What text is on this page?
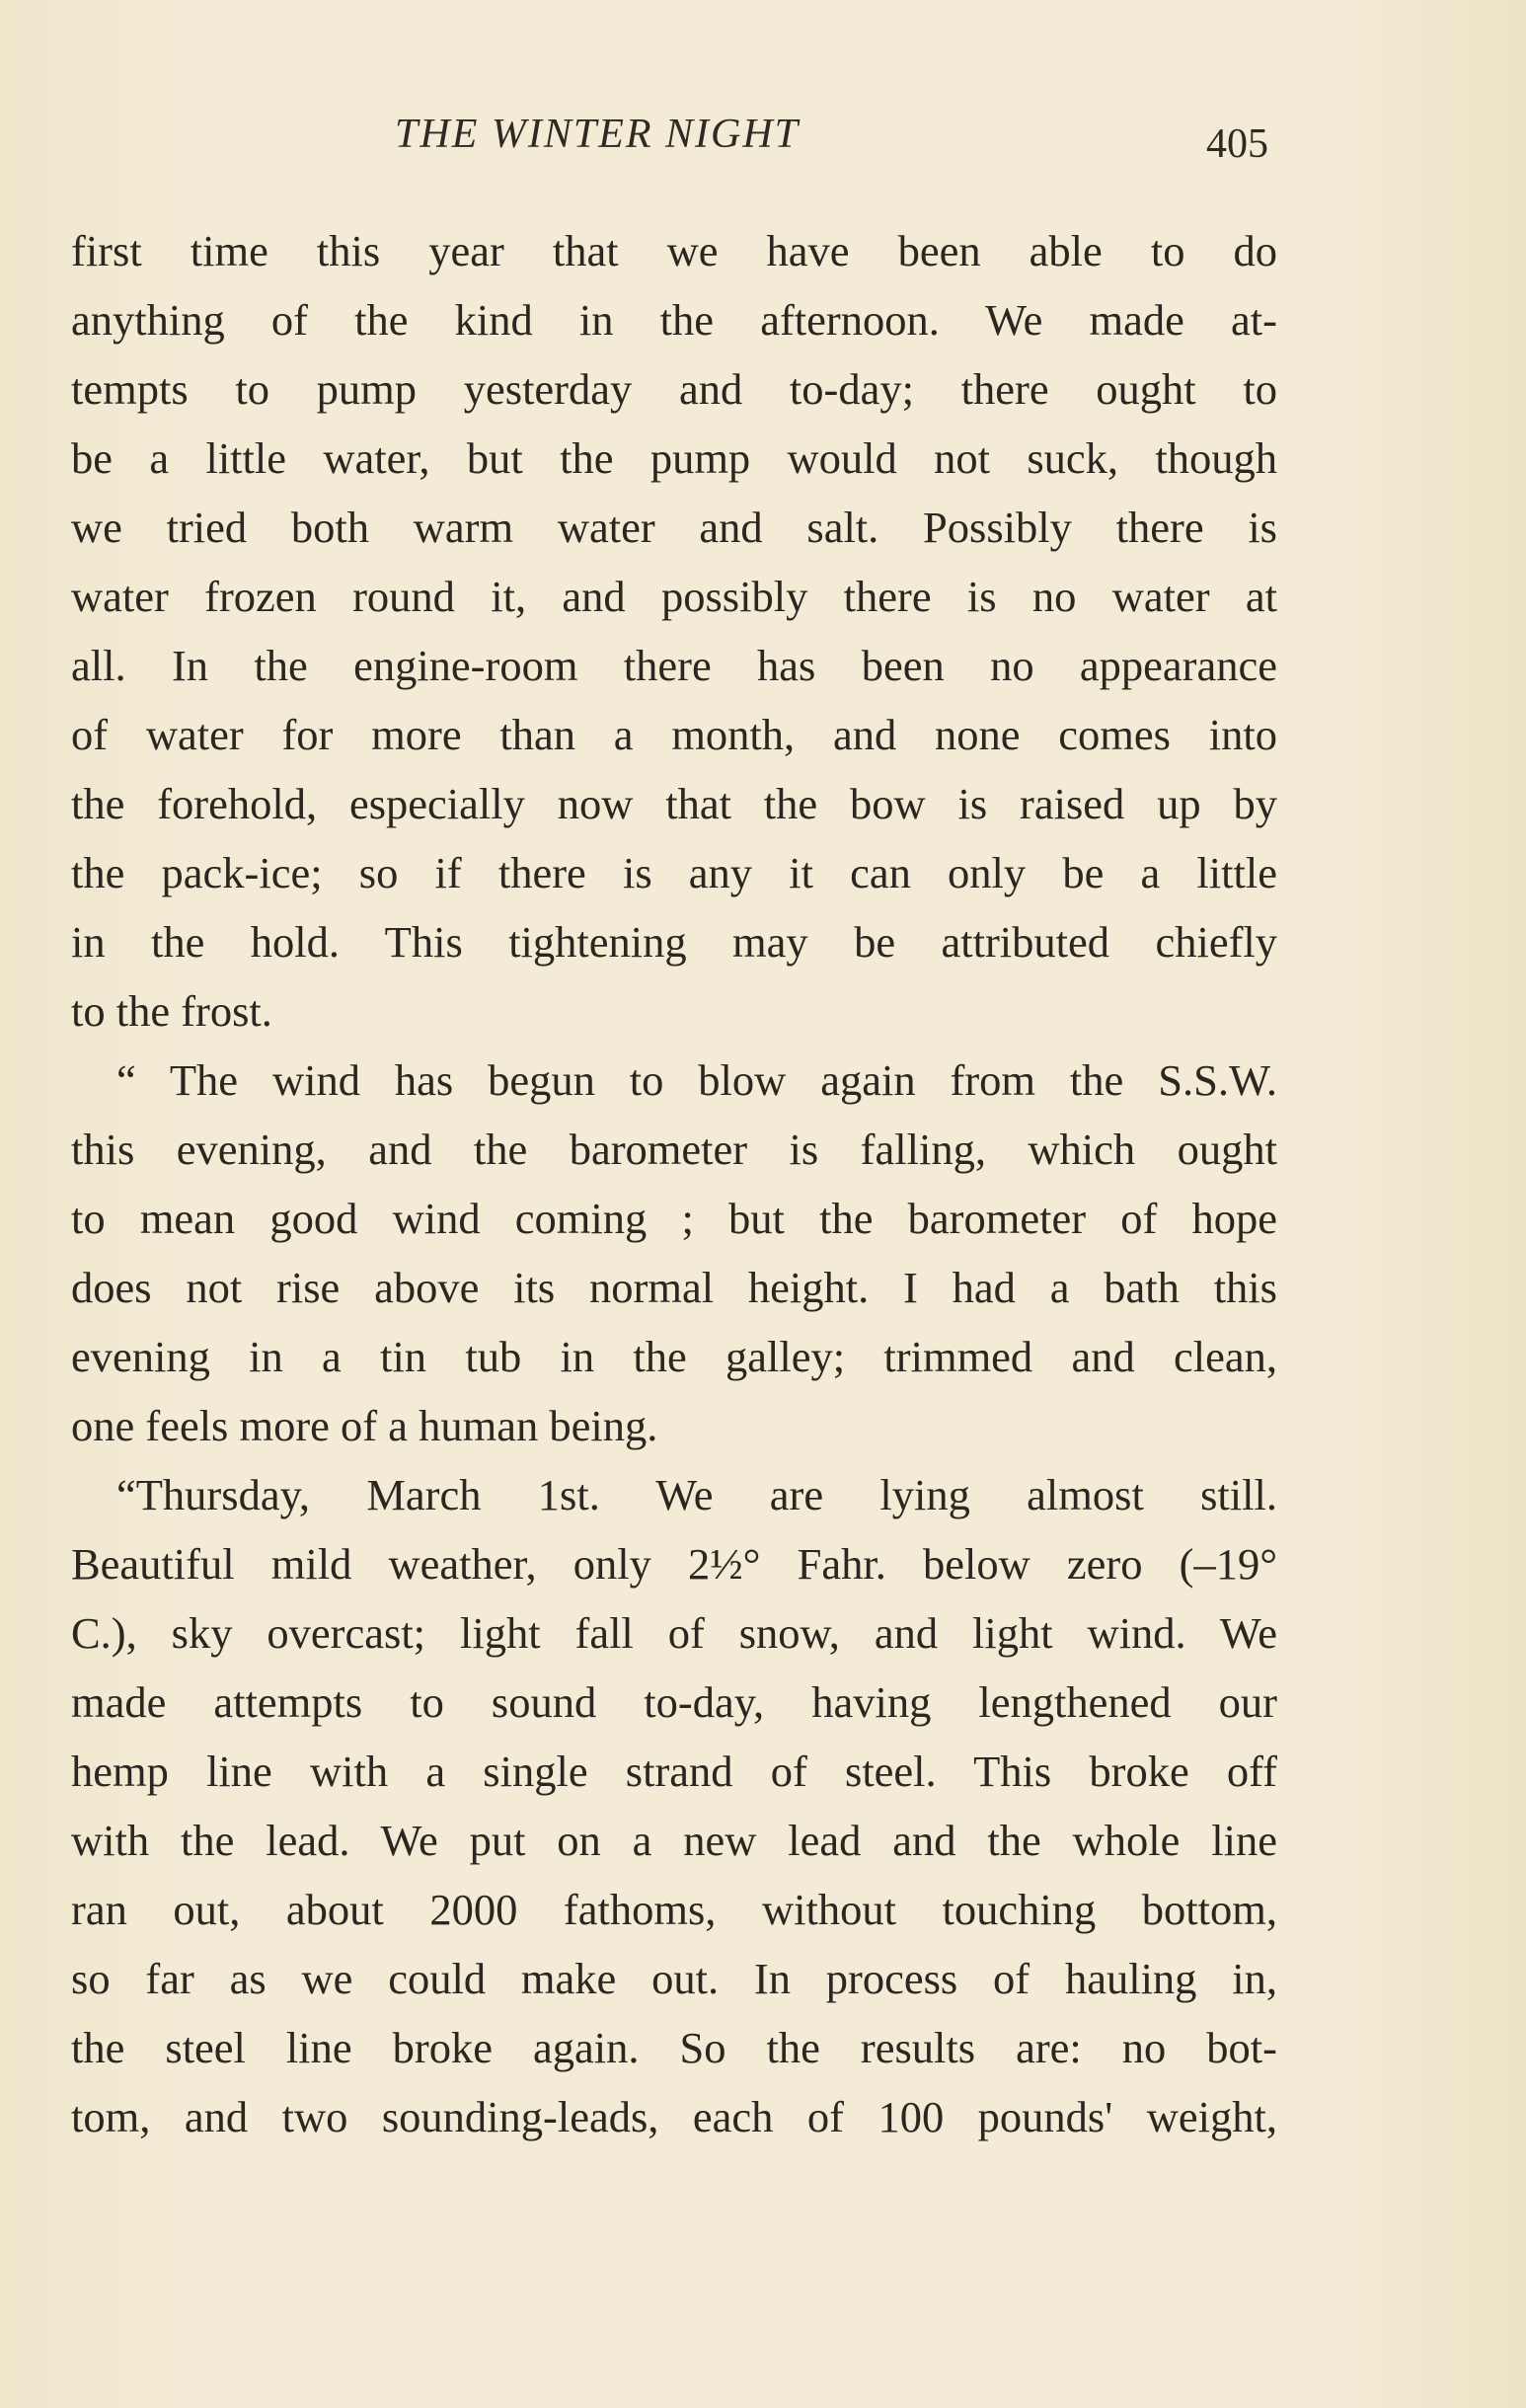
THE WINTER NIGHT	405
first time this year that we have been able to do
anything of the kind in the afternoon. We made at-
tempts to pump yesterday and to-day; there ought to
be a little water, but the pump would not suck, though
we tried both warm water and salt. Possibly there is
water frozen round it, and possibly there is no water at
all. In the engine-room there has been no appearance
of water for more than a month, and none comes into
the forehold, especially now that the bow is raised up by
the pack-ice; so if there is any it can only be a little
in the hold. This tightening may be attributed chiefly
to the frost.
“ The wind has begun to blow again from the S.S.W.
this evening, and the barometer is falling, which ought
to mean good wind coming ; but the barometer of hope
does not rise above its normal height. I had a bath this
evening in a tin tub in the galley; trimmed and clean,
one feels more of a human being.
“Thursday, March 1st. We are lying almost still.
Beautiful mild weather, only 2½° Fahr. below zero (–19°
C.), sky overcast; light fall of snow, and light wind. We
made attempts to sound to-day, having lengthened our
hemp line with a single strand of steel. This broke off
with the lead. We put on a new lead and the whole line
ran out, about 2000 fathoms, without touching bottom,
so far as we could make out. In process of hauling in,
the steel line broke again. So the results are: no bot-
tom, and two sounding-leads, each of 100 pounds' weight,
